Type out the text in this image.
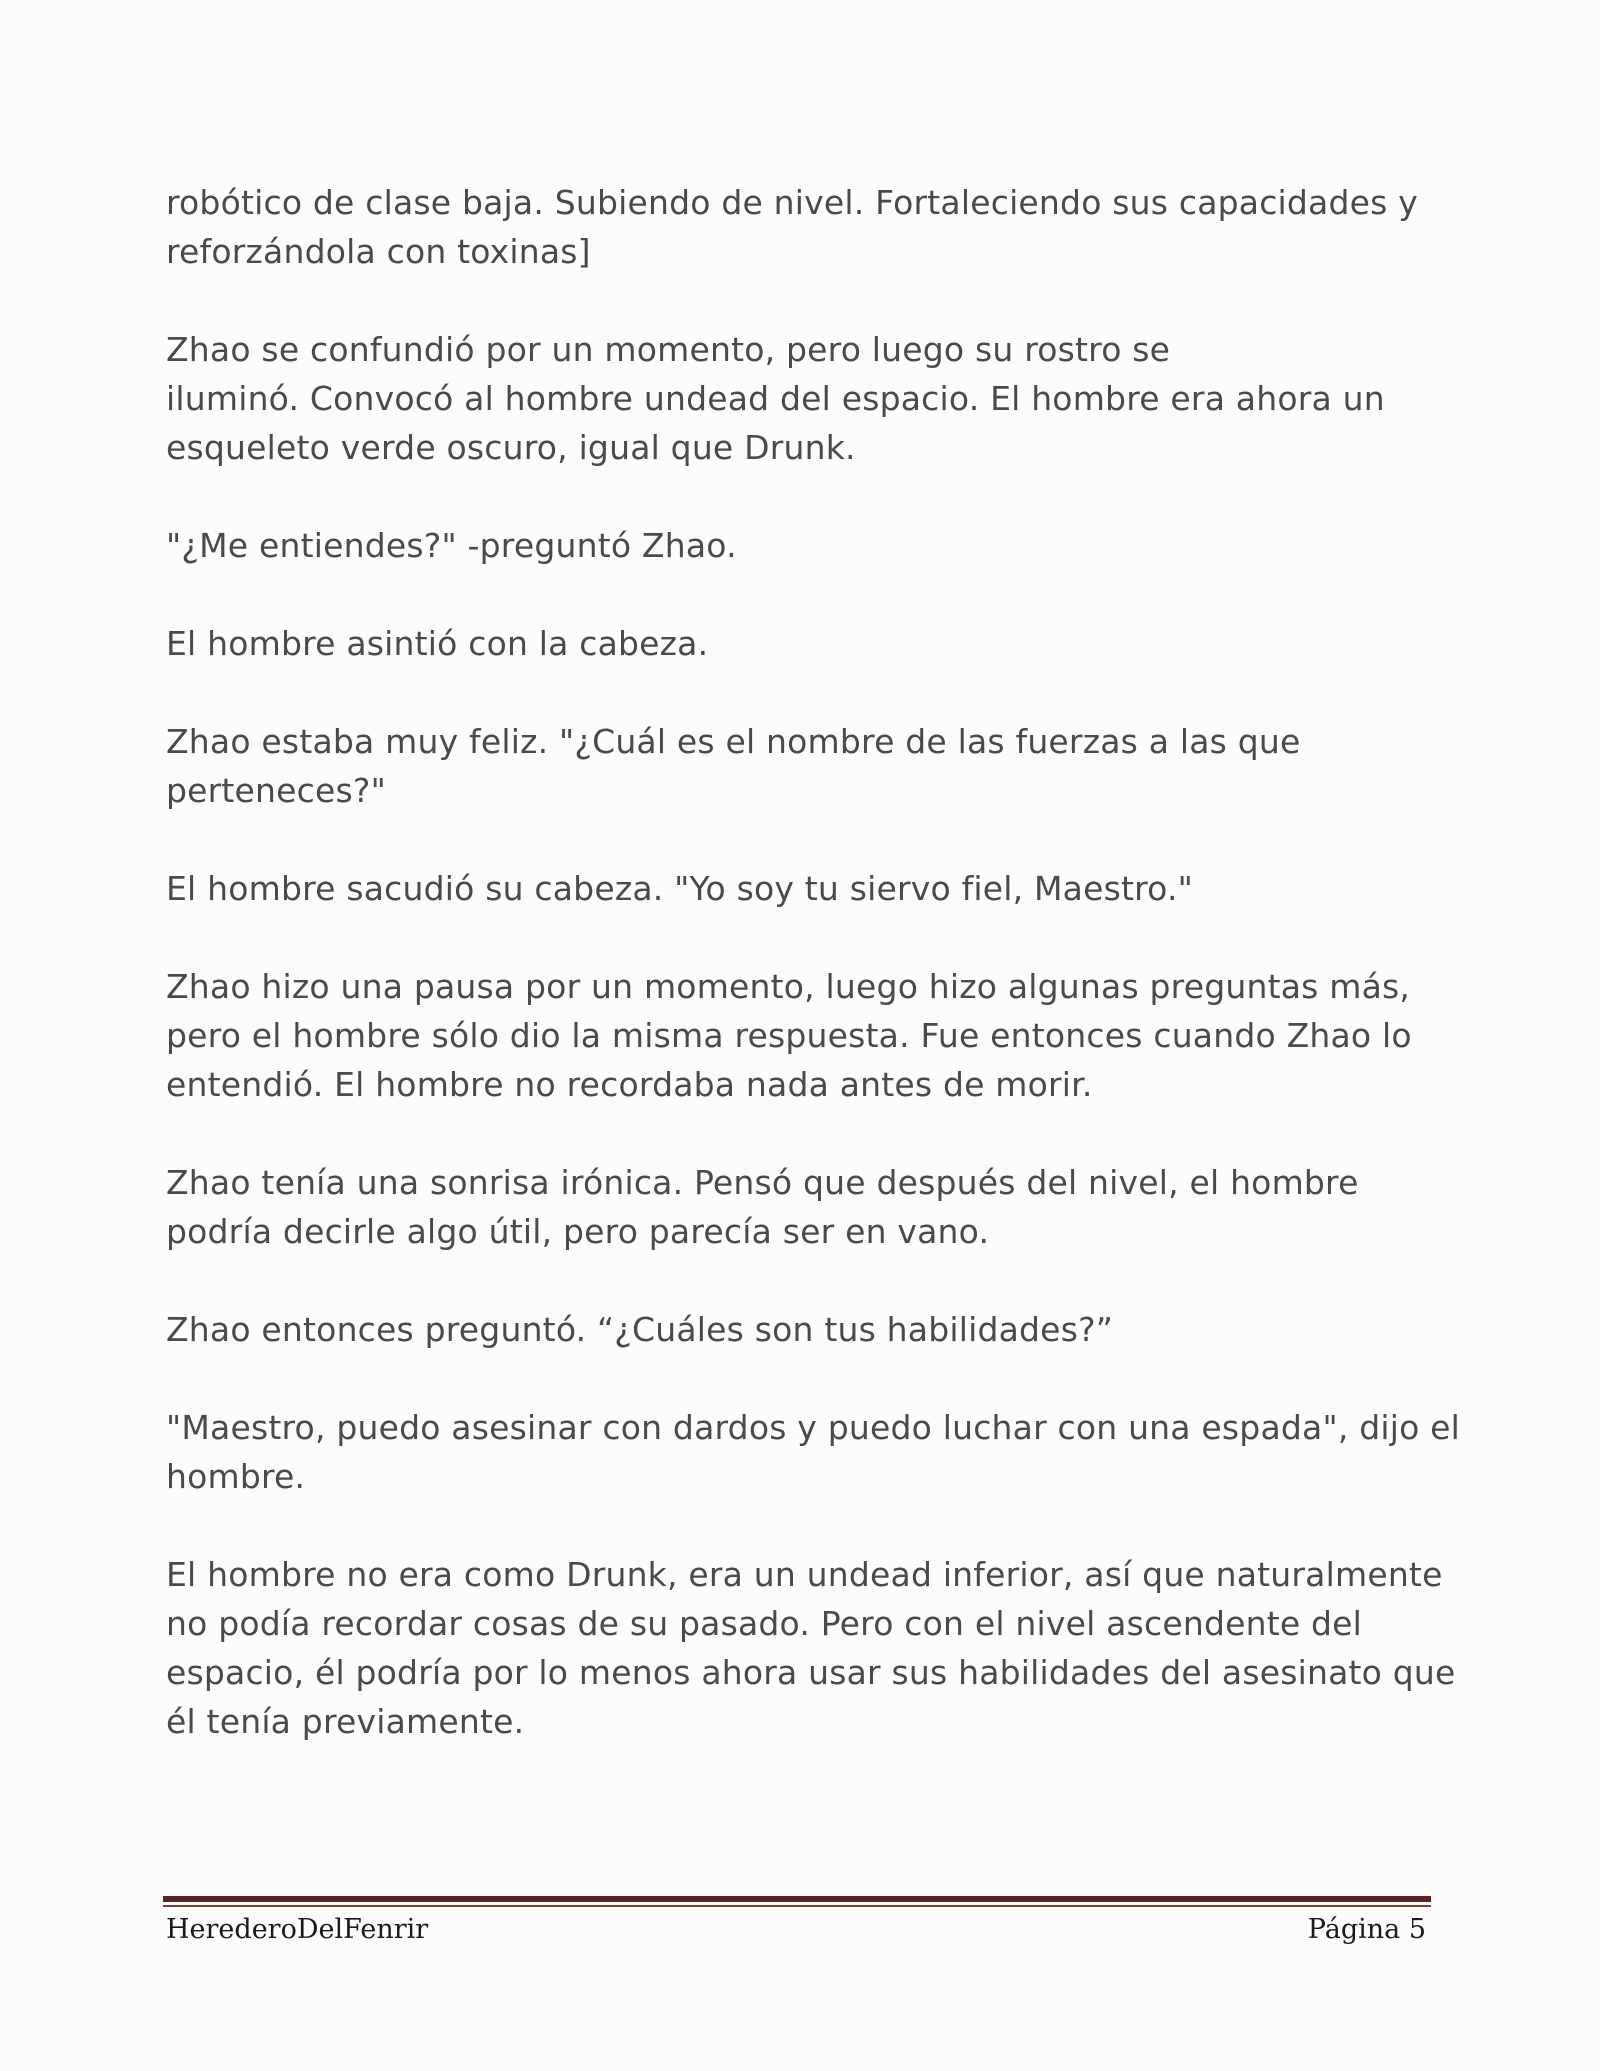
robótico de clase baja. Subiendo de nivel. Fortaleciendo sus capacidades y
reforzándola con toxinas]

Zhao se confundió por un momento, pero luego su rostro se
iluminó. Convocó al hombre undead del espacio. El hombre era ahora un
esqueleto verde oscuro, igual que Drunk.

"¿Me entiendes?" -preguntó Zhao.

El hombre asintió con la cabeza.

Zhao estaba muy feliz. "¿Cuál es el nombre de las fuerzas a las que
perteneces?"

El hombre sacudió su cabeza. "Yo soy tu siervo fiel, Maestro."

Zhao hizo una pausa por un momento, luego hizo algunas preguntas más,
pero el hombre sólo dio la misma respuesta. Fue entonces cuando Zhao lo
entendió. El hombre no recordaba nada antes de morir.

Zhao tenía una sonrisa irónica. Pensó que después del nivel, el hombre
podría decirle algo útil, pero parecía ser en vano.

Zhao entonces preguntó. “¿Cuáles son tus habilidades?”

"Maestro, puedo asesinar con dardos y puedo luchar con una espada", dijo el
hombre.

El hombre no era como Drunk, era un undead inferior, así que naturalmente
no podía recordar cosas de su pasado. Pero con el nivel ascendente del
espacio, él podría por lo menos ahora usar sus habilidades del asesinato que
él tenía previamente.

HerederoDelFenrir	Página 5
